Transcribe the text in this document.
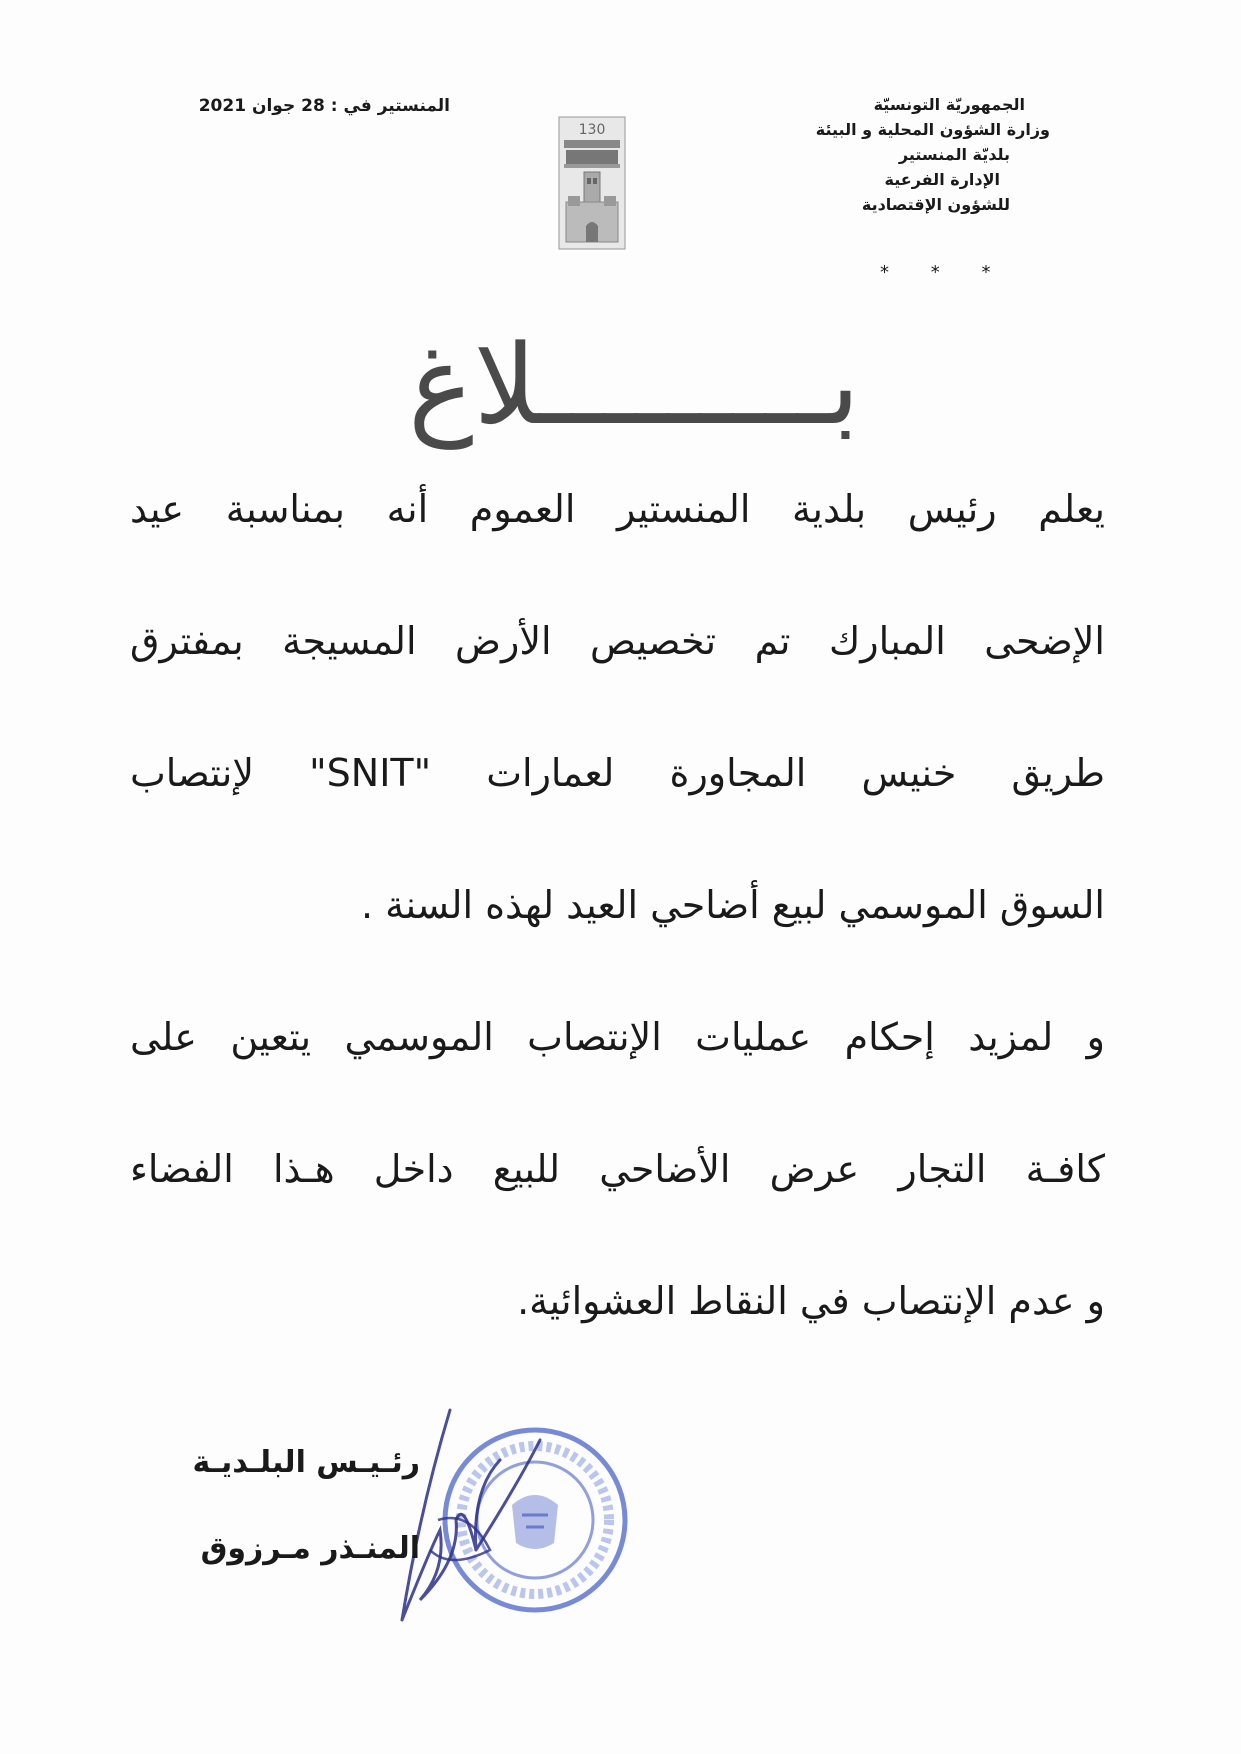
الجمهوريّة التونسيّة
وزارة الشؤون المحلية و البيئة
بلديّة المنستير
الإدارة الفرعية
للشؤون الإقتصادية
* * *
المنستير في : 28 جوان 2021
130
بـــــــــلاغ
يعلم رئيس بلدية المنستير العموم أنه بمناسبة عيد
الإضحى المبارك تم تخصيص الأرض المسيجة بمفترق
طريق خنيس المجاورة لعمارات "SNIT" لإنتصاب
السوق الموسمي لبيع أضاحي العيد لهذه السنة .
و لمزيد إحكام عمليات الإنتصاب الموسمي يتعين على
كافـة التجار عرض الأضاحي للبيع داخل هـذا الفضاء
و عدم الإنتصاب في النقاط العشوائية.
رئـيـس البلـديـة
المنـذر مـرزوق
